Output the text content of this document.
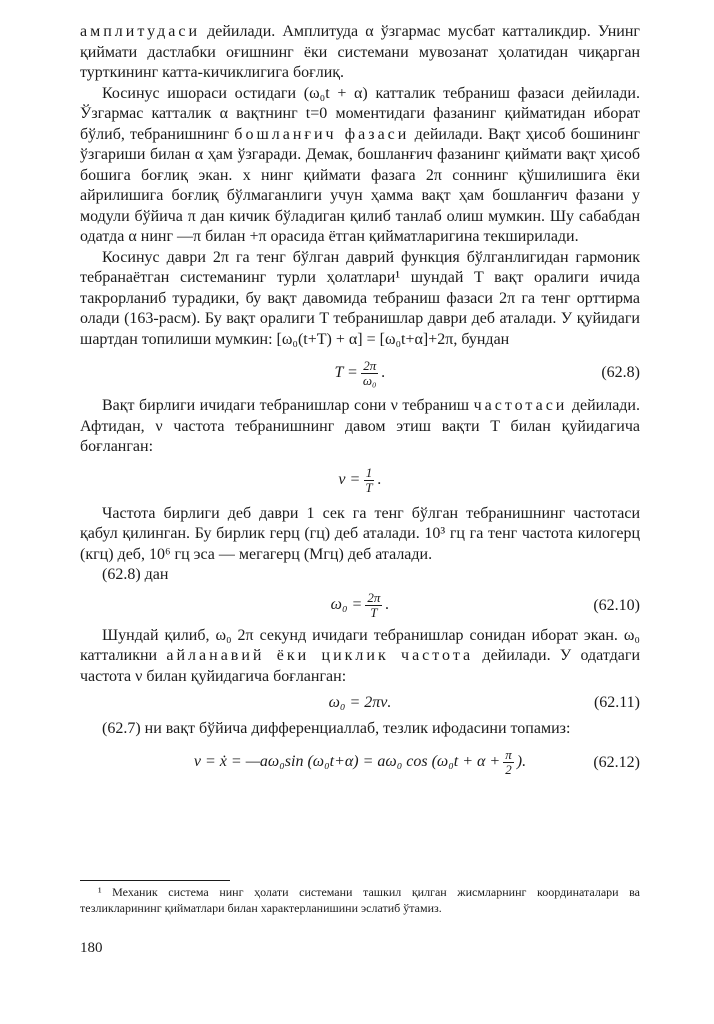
амплитудаси дейилади. Амплитуда α ўзгармас мусбат катталикдир. Унинг қиймати дастлабки оғишнинг ёки системани мувозанат ҳолатидан чиқарган турткининг катта-кичиклигига боғлиқ.

Косинус ишораси остидаги (ω₀t + α) катталик тебраниш фазаси дейилади. Ўзгармас катталик α вақтнинг t=0 моментидаги фазанинг қийматидан иборат бўлиб, тебранишнинг бошланғич фазаси дейилади. Вақт ҳисоб бошининг ўзгариши билан α ҳам ўзгаради. Демак, бошланғич фазанинг қиймати вақт ҳисоб бошига боғлиқ экан. x нинг қиймати фазага 2π соннинг қўшилишига ёки айрилишига боғлиқ бўлмаганлиги учун ҳамма вақт ҳам бошланғич фазани у модули бўйича π дан кичик бўладиган қилиб танлаб олиш мумкин. Шу сабабдан одатда α нинг —π билан +π орасида ётган қийматларигина текширилади.

Косинус даври 2π га тенг бўлган даврий функция бўлганлигидан гармоник тебранаётган системанинг турли ҳолатлари¹ шундай T вақт оралиги ичида такрорланиб турадики, бу вақт давомида тебраниш фазаси 2π га тенг орттирма олади (163-расм). Бу вақт оралиги T тебранишлар даври деб аталади. У қуйидаги шартдан топилиши мумкин: [ω₀(t+T) + α] = [ω₀t+α]+2π, бундан

$T = \frac{2\pi}{\text{ω₀}}$ .	(62.8)

Вақт бирлиги ичидаги тебранишлар сони ν тебраниш частотаси дейилади. Афтидан, ν частота тебранишнинг давом этиш вақти T билан қуйидагича боғланган:

$\nu = \frac{1}{T}$ .

Частота бирлиги деб даври 1 сек га тенг бўлган тебранишнинг частотаси қабул қилинган. Бу бирлик герц (гц) деб аталади. 10³ гц га тенг частота килогерц (кгц) деб, 10⁶ гц эса — мегагерц (Мгц) деб аталади.

(62.8) дан

$\omega_0 = \frac{2\pi}{T}$ .	(62.10)

Шундай қилиб, ω₀ 2π секунд ичидаги тебранишлар сонидан иборат экан. ω₀ катталикни айланавий ёки циклик частота дейилади. У одатдаги частота ν билан қуйидагича боғланган:

ω₀ = 2πν.	(62.11)

(62.7) ни вақт бўйича дифференциаллаб, тезлик ифодасини топамиз:

v = ẋ = —aω₀sin (ω₀t+α) = aω₀ $\cos (\omega_0t + \alpha + \frac{\pi}{2}$ ).	(62.12)
¹ Механик система нинг ҳолати системани ташкил қилган жисмларнинг координаталари ва тезликларининг қийматлари билан характерланишини эслатиб ўтамиз.
180
